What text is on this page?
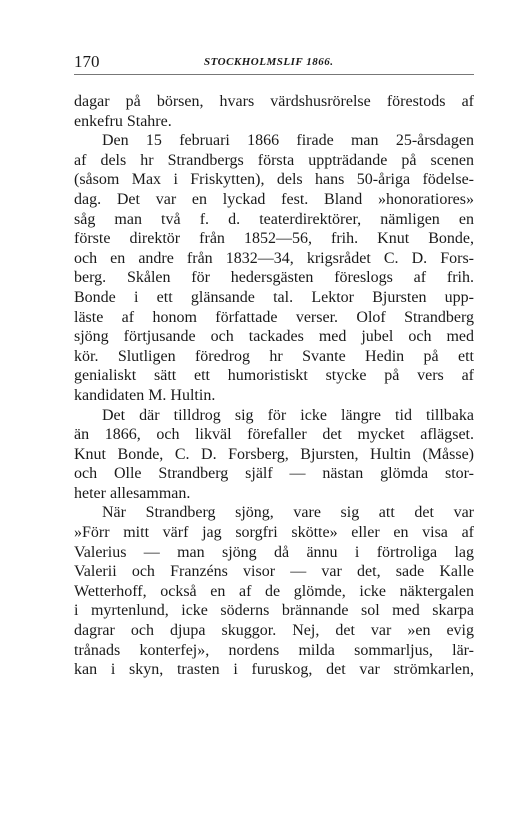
170	STOCKHOLMSLIF 1866.

dagar på börsen, hvars värdshusrörelse förestods af
enkefru Stahre.

Den 15 februari 1866 firade man 25-årsdagen
af dels hr Strandbergs första uppträdande på scenen
(såsom Max i Friskytten), dels hans 50-åriga födelse-
dag. Det var en lyckad fest. Bland »honoratiores»
såg man två f. d. teaterdirektörer, nämligen en
förste direktör från 1852—56, frih. Knut Bonde,
och en andre från 1832—34, krigsrådet C. D. Fors-
berg. Skålen för hedersgästen föreslogs af frih.
Bonde i ett glänsande tal. Lektor Bjursten upp-
läste af honom författade verser. Olof Strandberg
sjöng förtjusande och tackades med jubel och med
kör. Slutligen föredrog hr Svante Hedin på ett
genialiskt sätt ett humoristiskt stycke på vers af
kandidaten M. Hultin.

Det där tilldrog sig för icke längre tid tillbaka
än 1866, och likväl förefaller det mycket aflägset.
Knut Bonde, C. D. Forsberg, Bjursten, Hultin (Måsse)
och Olle Strandberg själf — nästan glömda stor-
heter allesamman.

När Strandberg sjöng, vare sig att det var
»Förr mitt värf jag sorgfri skötte» eller en visa af
Valerius — man sjöng då ännu i förtroliga lag
Valerii och Franzéns visor — var det, sade Kalle
Wetterhoff, också en af de glömde, icke näktergalen
i myrtenlund, icke söderns brännande sol med skarpa
dagrar och djupa skuggor. Nej, det var »en evig
trånads konterfej», nordens milda sommarljus, lär-
kan i skyn, trasten i furuskog, det var strömkarlen,
